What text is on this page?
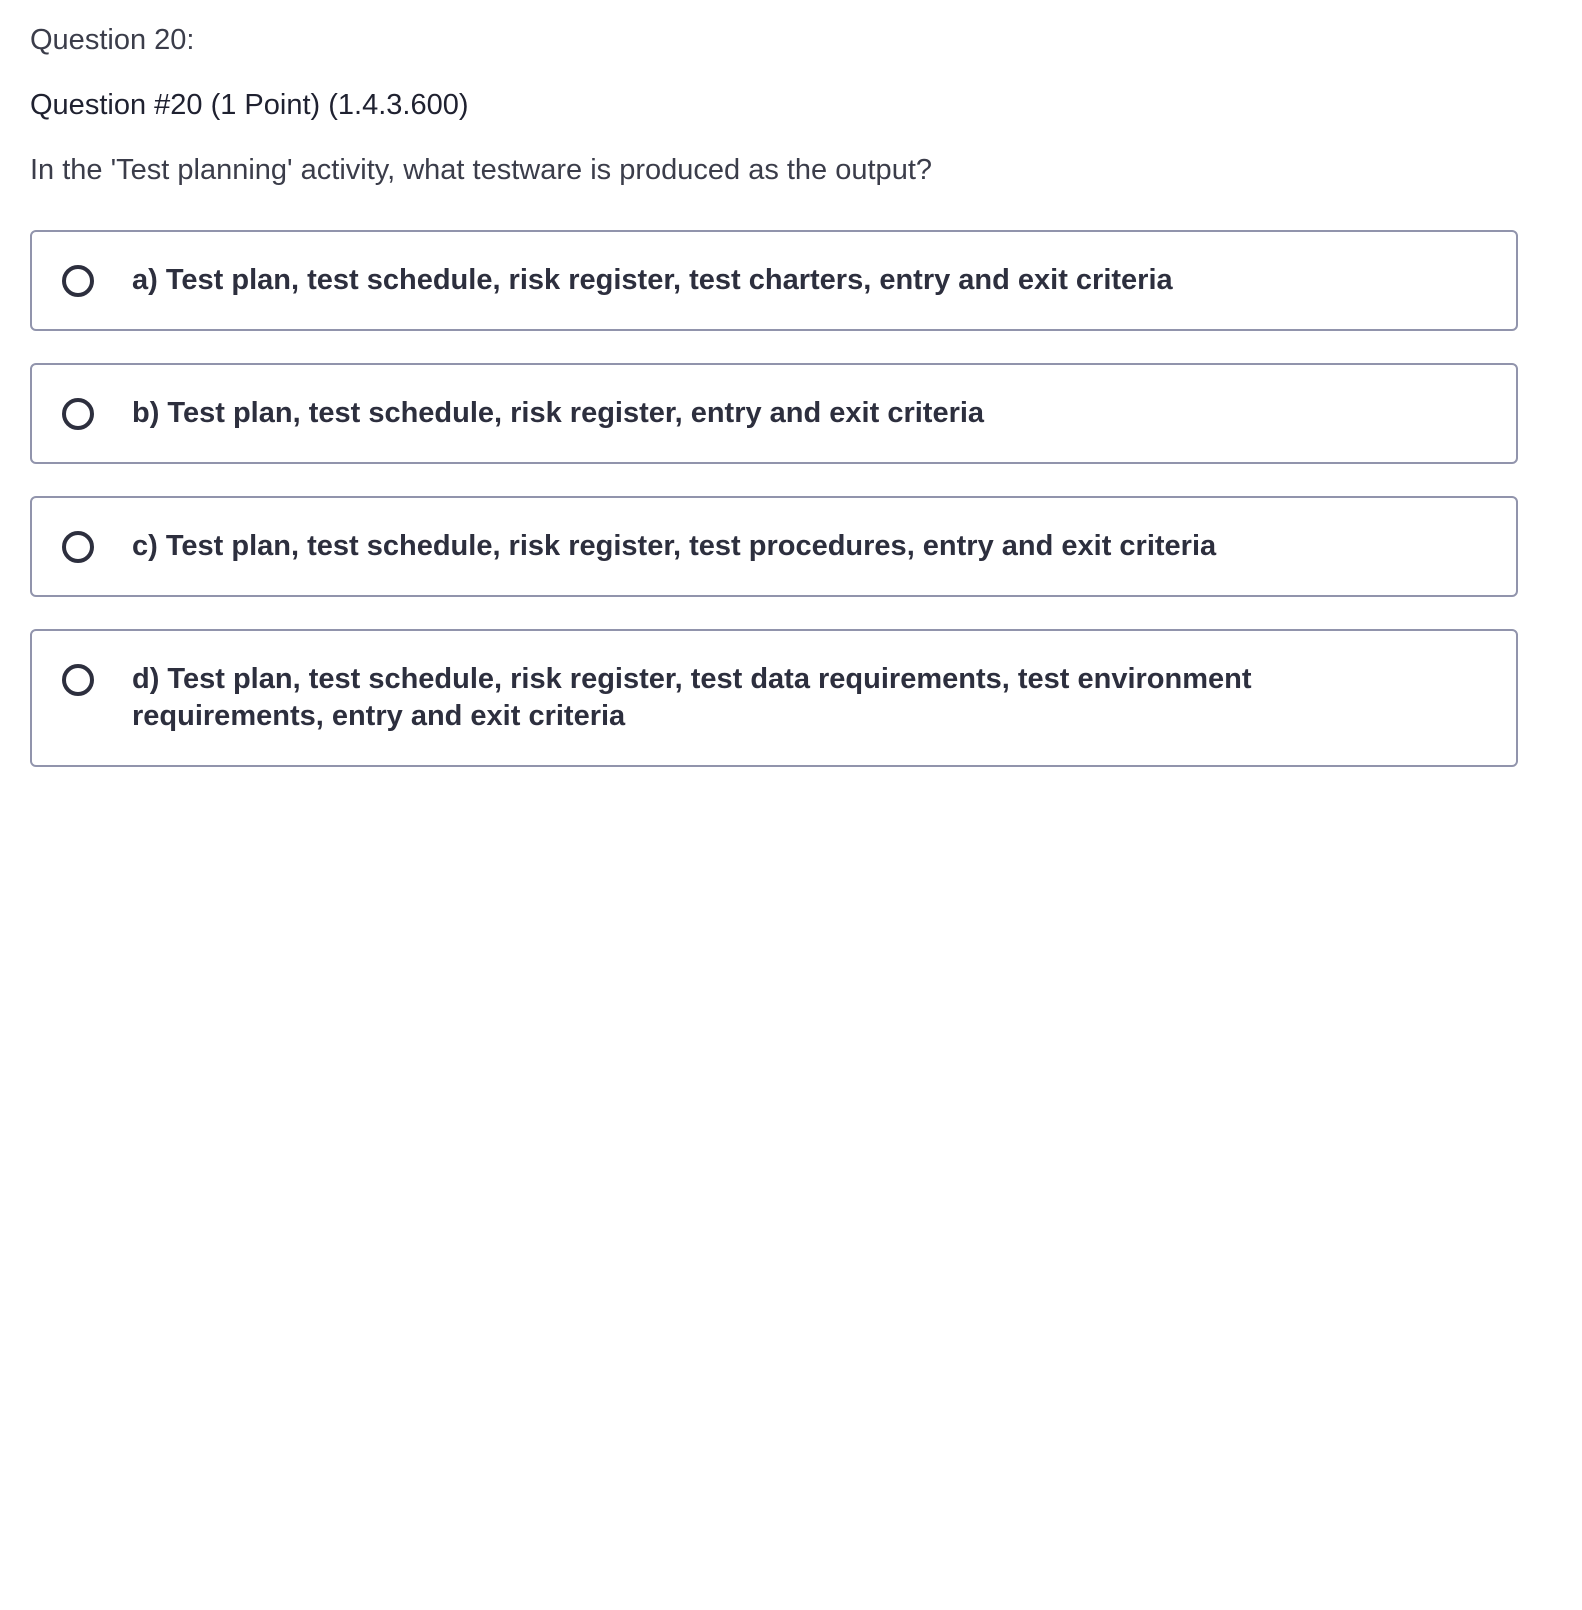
Question 20:
Question #20 (1 Point) (1.4.3.600)
In the 'Test planning' activity, what testware is produced as the output?
a) Test plan, test schedule, risk register, test charters, entry and exit criteria
b) Test plan, test schedule, risk register, entry and exit criteria
c) Test plan, test schedule, risk register, test procedures, entry and exit criteria
d) Test plan, test schedule, risk register, test data requirements, test environment requirements, entry and exit criteria
